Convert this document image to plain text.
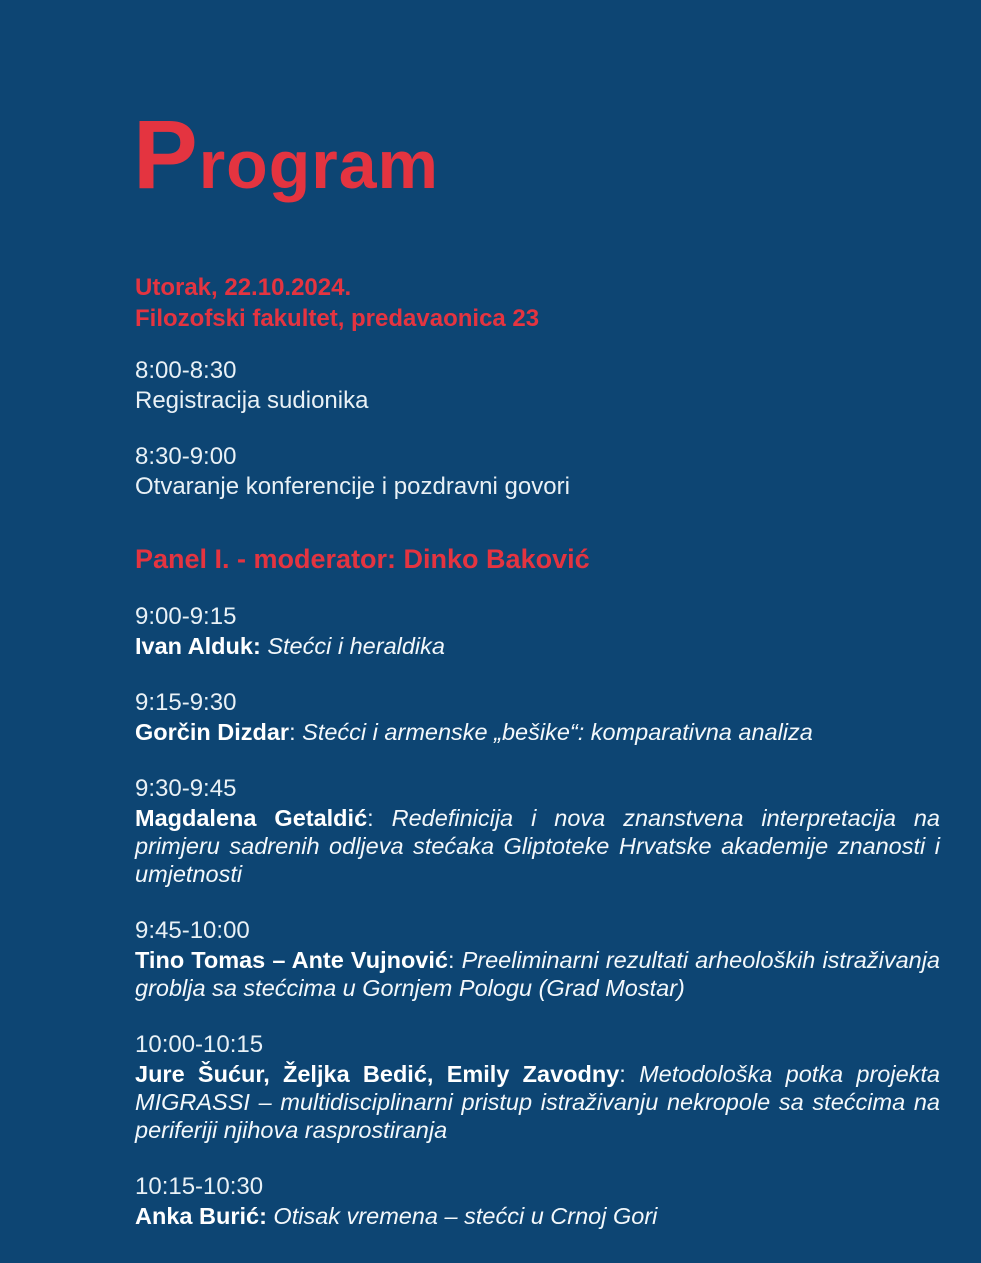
Program
Utorak, 22.10.2024.
Filozofski fakultet, predavaonica 23
8:00-8:30
Registracija sudionika
8:30-9:00
Otvaranje konferencije i pozdravni govori
Panel I. - moderator: Dinko Baković
9:00-9:15

Ivan Alduk: Stećci i heraldika

9:15-9:30

Gorčin Dizdar: Stećci i armenske „bešike“: komparativna analiza

9:30-9:45

Magdalena Getaldić: Redefinicija i nova znanstvena interpretacija na primjeru sadrenih odljeva stećaka Gliptoteke Hrvatske akademije znanosti i umjetnosti

9:45-10:00

Tino Tomas – Ante Vujnović: Preeliminarni rezultati arheoloških istraživanja groblja sa stećcima u Gornjem Pologu (Grad Mostar)

10:00-10:15

Jure Šućur, Željka Bedić, Emily Zavodny: Metodološka potka projekta MIGRASSI – multidisciplinarni pristup istraživanju nekropole sa stećcima na periferiji njihova rasprostiranja

10:15-10:30

Anka Burić: Otisak vremena – stećci u Crnoj Gori
